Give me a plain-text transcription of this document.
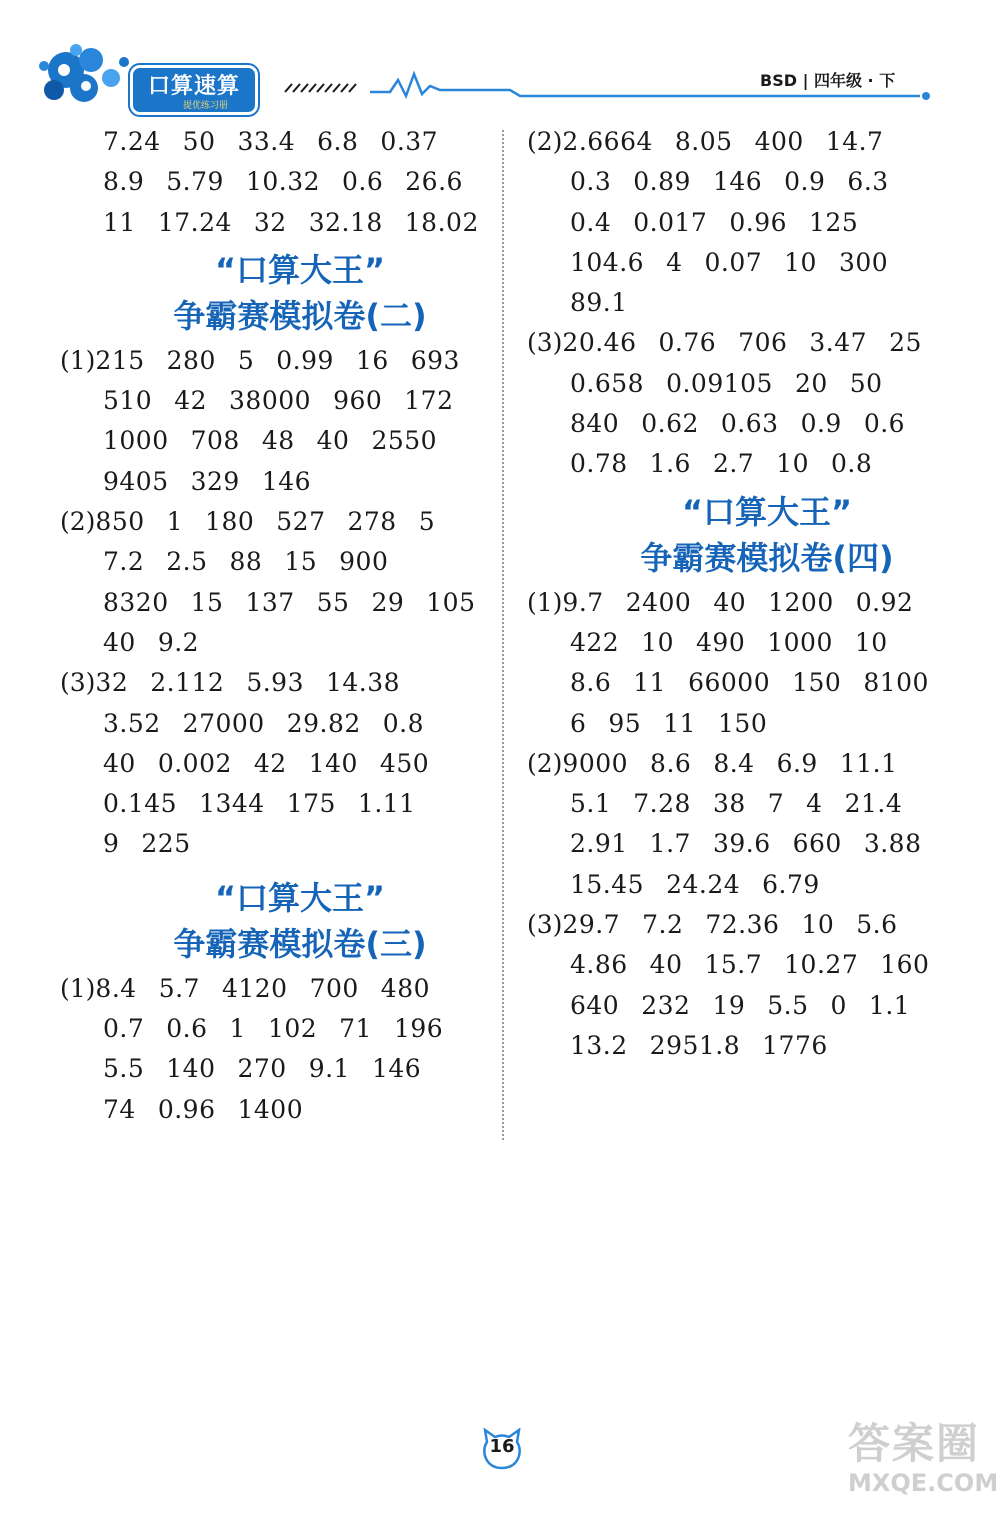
口算速算
提优练习册
BSD | 四年级 · 下
7.24 50 33.4 6.8 0.37
8.9 5.79 10.32 0.6 26.6
11 17.24 32 32.18 18.02
“口算大王”
争霸赛模拟卷(二)
(1)215 280 5 0.99 16 693
510 42 38000 960 172
1000 708 48 40 2550
9405 329 146
(2)850 1 180 527 278 5
7.2 2.5 88 15 900
8320 15 137 55 29 105
40 9.2
(3)32 2.112 5.93 14.38
3.52 27000 29.82 0.8
40 0.002 42 140 450
0.145 1344 175 1.11
9 225
“口算大王”
争霸赛模拟卷(三)
(1)8.4 5.7 4120 700 480
0.7 0.6 1 102 71 196
5.5 140 270 9.1 146
74 0.96 1400
(2)2.6664 8.05 400 14.7
0.3 0.89 146 0.9 6.3
0.4 0.017 0.96 125
104.6 4 0.07 10 300
89.1
(3)20.46 0.76 706 3.47 25
0.658 0.09105 20 50
840 0.62 0.63 0.9 0.6
0.78 1.6 2.7 10 0.8
“口算大王”
争霸赛模拟卷(四)
(1)9.7 2400 40 1200 0.92
422 10 490 1000 10
8.6 11 66000 150 8100
6 95 11 150
(2)9000 8.6 8.4 6.9 11.1
5.1 7.28 38 7 4 21.4
2.91 1.7 39.6 660 3.88
15.45 24.24 6.79
(3)29.7 7.2 72.36 10 5.6
4.86 40 15.7 10.27 160
640 232 19 5.5 0 1.1
13.2 2951.8 1776
16	答案圈
MXQE.COM
